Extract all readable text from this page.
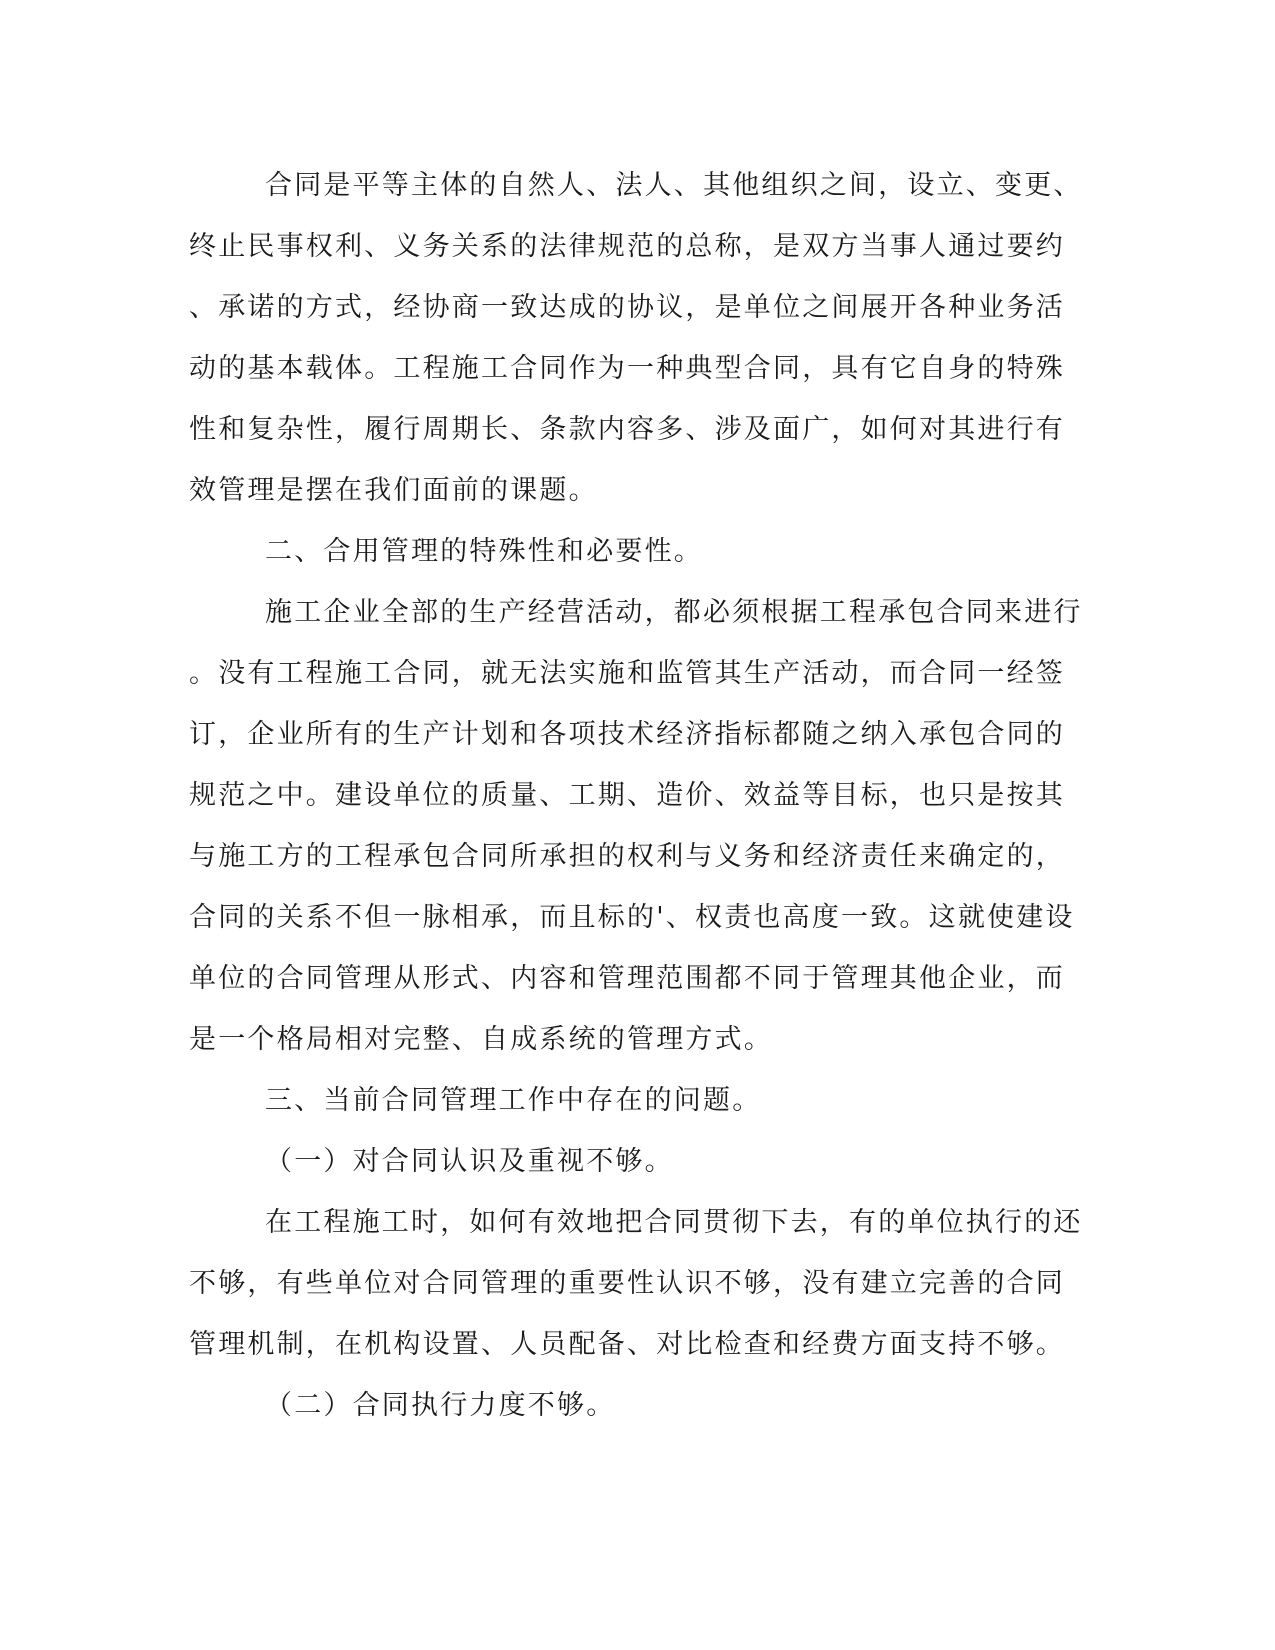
合同是平等主体的自然人、法人、其他组织之间，设立、变更、
终止民事权利、义务关系的法律规范的总称，是双方当事人通过要约
、承诺的方式，经协商一致达成的协议，是单位之间展开各种业务活
动的基本载体。工程施工合同作为一种典型合同，具有它自身的特殊
性和复杂性，履行周期长、条款内容多、涉及面广，如何对其进行有
效管理是摆在我们面前的课题。
二、合用管理的特殊性和必要性。
施工企业全部的生产经营活动，都必须根据工程承包合同来进行
。没有工程施工合同，就无法实施和监管其生产活动，而合同一经签
订，企业所有的生产计划和各项技术经济指标都随之纳入承包合同的
规范之中。建设单位的质量、工期、造价、效益等目标，也只是按其
与施工方的工程承包合同所承担的权利与义务和经济责任来确定的，
合同的关系不但一脉相承，而且标的'、权责也高度一致。这就使建设
单位的合同管理从形式、内容和管理范围都不同于管理其他企业，而
是一个格局相对完整、自成系统的管理方式。
三、当前合同管理工作中存在的问题。
（一）对合同认识及重视不够。
在工程施工时，如何有效地把合同贯彻下去，有的单位执行的还
不够，有些单位对合同管理的重要性认识不够，没有建立完善的合同
管理机制，在机构设置、人员配备、对比检查和经费方面支持不够。
（二）合同执行力度不够。
